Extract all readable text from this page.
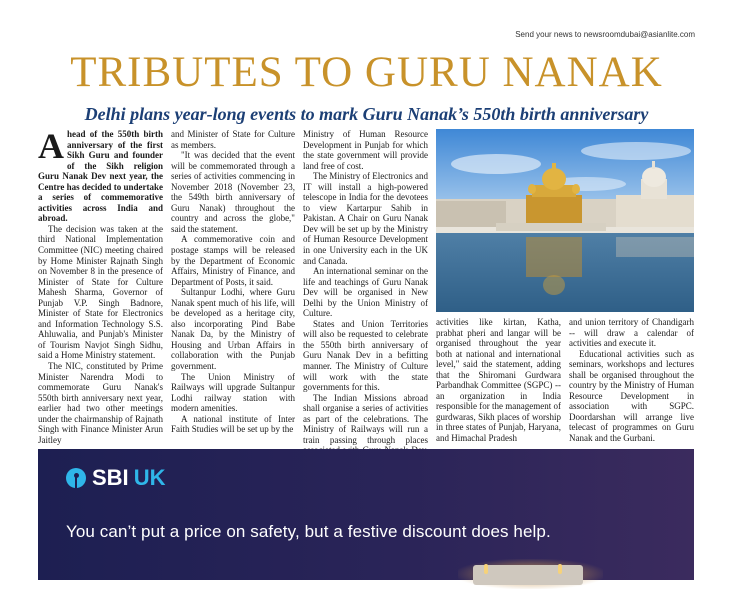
Send your news to newsroomdubai@asianlite.com
TRIBUTES TO GURU NANAK
Delhi plans year-long events to mark Guru Nanak’s 550th birth anniversary

Ahead of the 550th birth anniversary of the first Sikh Guru and founder of the Sikh religion Guru Nanak Dev next year, the Centre has decided to undertake a series of commemorative activities across India and abroad.

The decision was taken at the third National Implementation Committee (NIC) meeting chaired by Home Minister Rajnath Singh on November 8 in the presence of Minister of State for Culture Mahesh Sharma, Governor of Punjab V.P. Singh Badnore, Minister of State for Electronics and Information Technology S.S. Ahluwalia, and Punjab's Minister of Tourism Navjot Singh Sidhu, said a Home Ministry statement.

The NIC, constituted by Prime Minister Narendra Modi to commemorate Guru Nanak's 550th birth anniversary next year, earlier had two other meetings under the chairmanship of Rajnath Singh with Finance Minister Arun Jaitley

and Minister of State for Culture as members.

"It was decided that the event will be commemorated through a series of activities commencing in November 2018 (November 23, the 549th birth anniversary of Guru Nanak) throughout the country and across the globe," said the statement.

A commemorative coin and postage stamps will be released by the Department of Economic Affairs, Ministry of Finance, and Department of Posts, it said.

Sultanpur Lodhi, where Guru Nanak spent much of his life, will be developed as a heritage city, also incorporating Pind Babe Nanak Da, by the Ministry of Housing and Urban Affairs in collaboration with the Punjab government.

The Union Ministry of Railways will upgrade Sultanpur Lodhi railway station with modern amenities.

A national institute of Inter Faith Studies will be set up by the

Ministry of Human Resource Development in Punjab for which the state government will provide land free of cost.

The Ministry of Electronics and IT will install a high-powered telescope in India for the devotees to view Kartarpur Sahib in Pakistan. A Chair on Guru Nanak Dev will be set up by the Ministry of Human Resource Development in one University each in the UK and Canada.

An international seminar on the life and teachings of Guru Nanak Dev will be organised in New Delhi by the Union Ministry of Culture.

States and Union Territories will also be requested to celebrate the 550th birth anniversary of Guru Nanak Dev in a befitting manner. The Ministry of Culture will work with the state governments for this.

The Indian Missions abroad shall organise a series of activities as part of the celebrations. The Ministry of Railways will run a train passing through places

activities like kirtan, Katha, prabhat pheri and langar will be organised throughout the year both at national and international level," said the statement, adding that the Shiromani Gurdwara Parbandhak Committee (SGPC) -- an organization in India responsible for the management of gurdwaras, Sikh places of worship in three states of Punjab, Haryana, and Himachal Pradesh

and union territory of Chandigarh -- will draw a calendar of activities and execute it.

Educational activities such as seminars, workshops and lectures shall be organised throughout the country by the Ministry of Human Resource Development in association with SGPC. Doordarshan will arrange live telecast of programmes on Guru Nanak and the Gurbani.

SBI UK
You can’t put a price on safety, but a festive discount does help.
